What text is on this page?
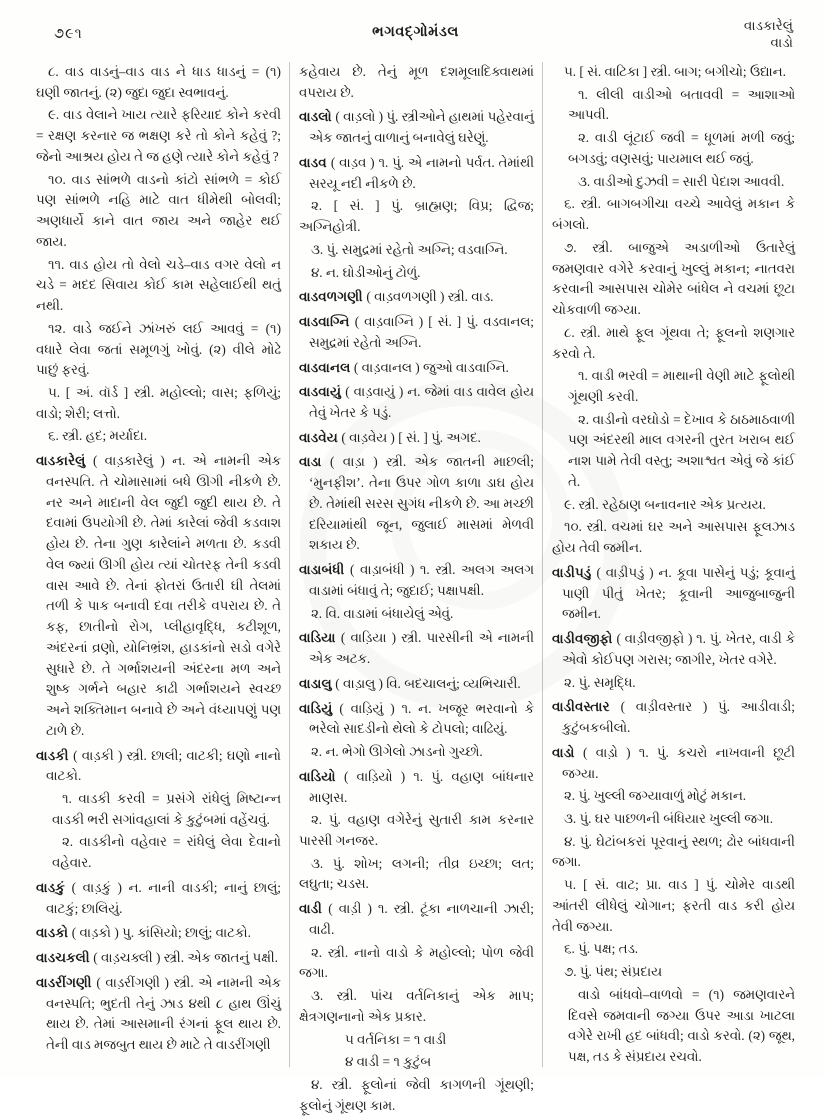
૭૯૧	ભગવદ્ગોમંડલ	વાડકારેલું
વાડો

૮. વાડ વાડનું–વાડ વાડ ને ધાડ ધાડનું = (૧) ઘણી જાતનું. (૨) જુદા જુદા સ્વભાવનું.

૯. વાડ વેલાને ખાય ત્યારે ફરિયાદ કોને કરવી = રક્ષણ કરનાર જ ભક્ષણ કરે તો કોને કહેવું ?; જેનો આશ્રય હોય તે જ હણે ત્યારે કોને કહેવું ?

૧૦. વાડ સાંભળે વાડનો કાંટો સાંભળે = કોઈ પણ સાંભળે નહિ માટે વાત ધીમેથી બોલવી; અણધાર્યે કાને વાત જાય અને જાહેર થઈ જાય.

૧૧. વાડ હોય તો વેલો ચડે–વાડ વગર વેલો ન ચડે = મદદ સિવાય કોઈ કામ સહેલાઈથી થતું નથી.

૧૨. વાડે જઈને ઝાંખરું લઈ આવવું = (૧) વધારે લેવા જતાં સમૂળગું ખોવું. (૨) વીલે મોઢે પાછું ફરવું.

૫. [ અં. વૉર્ડ ] સ્ત્રી. મહોલ્લો; વાસ; ફળિયું; વાડો; શેરી; લત્તો.

૬. સ્ત્રી. હદ; મર્યાદા.

વાડકારેલું ( વાડ઼કારેલું ) ન. એ નામની એક વનસ્પતિ. તે ચોમાસામાં બધે ઊગી નીકળે છે. નર અને માદાની વેલ જુદી જુદી થાય છે. તે દવામાં ઉપયોગી છે. તેમાં કારેલાં જેવી કડવાશ હોય છે. તેના ગુણ કારેલાંને મળતા છે. કડવી વેલ જ્યાં ઊગી હોય ત્યાં ચોતરફ તેની કડવી વાસ આવે છે. તેનાં ફોતરાં ઉતારી ઘી તેલમાં તળી કે પાક બનાવી દવા તરીકે વપરાય છે. તે કફ, છાતીનો રોગ, પ્લીહાવૃદ્ધિ, કટીશૂળ, અંદરનાં વ્રણો, યોનિભ્રંશ, હાડકાંનો સડો વગેરે સુધારે છે. તે ગર્ભાશયની અંદરના મળ અને શુષ્ક ગર્ભને બહાર કાઢી ગર્ભાશયને સ્વચ્છ અને શક્તિમાન બનાવે છે અને વંધ્યાપણું પણ ટાળે છે.

વાડકી ( વાડ઼કી ) સ્ત્રી. છાલી; વાટકી; ઘણો નાનો વાટકો.

૧. વાડકી કરવી = પ્રસંગે રાંધેલું મિષ્ટાન્ન વાડકી ભરી સગાંવહાલાં કે કુટુંબમાં વહેંચવું.

૨. વાડકીનો વહેવાર = રાંધેલું લેવા દેવાનો વહેવાર.

વાડકું ( વાડ઼કું ) ન. નાની વાડકી; નાનું છાલું; વાટકું; છાલિયું.

વાડકો ( વાડ઼કો ) પુ. કાંસિયો; છાલું; વાટકો.

વાડચકલી ( વાડ઼ચક્લી ) સ્ત્રી. એક જાતનું પક્ષી.

વાડરીંગણી ( વાડ઼રીંગણી ) સ્ત્રી. એ નામની એક વનસ્પતિ; ભુદતી તેનું ઝાડ ૪થી ૮ હાથ ઊંચું થાય છે. તેમાં આસમાની રંગનાં ફૂલ થાય છે. તેની વાડ મજબુત થાય છે માટે તે વાડરીંગણી

કહેવાય છે. તેનું મૂળ દશમૂલાદિક્વાથમાં વપરાય છે.

વાડલો ( વાડ઼લો ) પું. સ્ત્રીઓને હાથમાં પહેરવાનું એક જાતનું વાળાનું બનાવેલું ઘરેણું.

વાડવ ( વાડ઼વ ) ૧. પું. એ નામનો પર્વત. તેમાંથી સરયૂ નદી નીકળે છે.

૨. [ સં. ] પું. બ્રાહ્મણ; વિપ્ર; દ્વિજ; અગ્નિહોત્રી.

૩. પું. સમુદ્રમાં રહેતો અગ્નિ; વડવાગ્નિ.

૪. ન. ઘોડીઓનું ટોળું.

વાડવળગણી ( વાડ઼વળગણી ) સ્ત્રી. વાડ.

વાડવાગ્નિ ( વાડ઼વાગ્નિ ) [ સં. ] પું. વડવાનલ; સમુદ્રમાં રહેતો અગ્નિ.

વાડવાનલ ( વાડ઼વાનલ ) જુઓ વાડવાગ્નિ.

વાડવાયું ( વાડ઼વાયું ) ન. જેમાં વાડ વાવેલ હોય તેવું ખેતર કે પડું.

વાડવેય ( વાડ઼વેય ) [ સં. ] પું. અગદ.

વાડા ( વાડ઼ા ) સ્ત્રી. એક જાતની માછલી; ‘મુનફીશ’. તેના ઉપર ગોળ કાળા ડાઘ હોય છે. તેમાંથી સરસ સુગંધ નીકળે છે. આ મચ્છી દરિયામાંથી જૂન, જુલાઈ માસમાં મેળવી શકાય છે.

વાડાબંધી ( વાડ઼ાબંધી ) ૧. સ્ત્રી. અલગ અલગ વાડામાં બંધાવું તે; જુદાઈ; પક્ષાપક્ષી.

૨. વિ. વાડામાં બંધાયેલું એવું.

વાડિયા ( વાડ઼િયા ) સ્ત્રી. પારસીની એ નામની એક અટક.

વાડાલુ ( વાડ઼ાલુ ) વિ. બદચાલનું; વ્યભિચારી.

વાડિયું ( વાડ઼િયું ) ૧. ન. ખજૂર ભરવાનો કે ભરેલો સાદડીનો થેલો કે ટોપલો; વાઢિયું.

૨. ન. ભેગો ઊગેલો ઝાડનો ગુચ્છો.

વાડિયો ( વાડ઼િયો ) ૧. પું. વહાણ બાંધનાર માણસ.

૨. પું. વહાણ વગેરેનું સુતારી કામ કરનાર પારસી ગનજર.

૩. પું. શોખ; લગની; તીવ્ર ઇચ્છા; લત; લઘુતા; ચડસ.

વાડી ( વાડ઼ી ) ૧. સ્ત્રી. ટૂંકા નાળચાની ઝારી; વાઢી.

૨. સ્ત્રી. નાનો વાડો કે મહોલ્લો; પોળ જેવી જગા.

૩. સ્ત્રી. પાંચ વર્તનિકાનું એક માપ; ક્ષેત્રગણનાનો એક પ્રકાર.

૫ વર્તનિકા = ૧ વાડી

૪ વાડી = ૧ કુટુંબ

૪. સ્ત્રી. ફૂલોનાં જેવી કાગળની ગૂંથણી; ફૂલોનું ગૂંથણ કામ.

૫. [ સં. વાટિકા ] સ્ત્રી. બાગ; બગીચો; ઉદ્યાન.

૧. લીલી વાડીઓ બતાવવી = આશાઓ આપવી.

૨. વાડી લૂંટાઈ જવી = ધૂળમાં મળી જવું; બગડવું; વણસવું; પાયમાલ થઈ જવું.

૩. વાડીઓ દુઝવી = સારી પેદાશ આવવી.

૬. સ્ત્રી. બાગબગીચા વચ્ચે આવેલું મકાન કે બંગલો.

૭. સ્ત્રી. બાજુએ અડાળીઓ ઉતારેલું જમણવાર વગેરે કરવાનું ખુલ્લું મકાન; નાતવરા કરવાની આસપાસ ચોમેર બાંધેલ ને વચમાં છૂટા ચોકવાળી જગ્યા.

૮. સ્ત્રી. માથે ફૂલ ગૂંથવા તે; ફૂલનો શણગાર કરવો તે.

૧. વાડી ભરવી = માથાની વેણી માટે ફૂલોથી ગૂંથણી કરવી.

૨. વાડીનો વરઘોડો = દેખાવ કે ઠાઠમાઠવાળી પણ અંદરથી માલ વગરની તુરત ખરાબ થઈ નાશ પામે તેવી વસ્તુ; અશાશ્વત એવું જે કાંઈ તે.

૯. સ્ત્રી. રહેઠાણ બનાવનાર એક પ્રત્યય.

૧૦. સ્ત્રી. વચમાં ઘર અને આસપાસ ફૂલઝાડ હોય તેવી જમીન.

વાડીપડું ( વાડ઼ીપડું ) ન. કૂવા પાસેનું પડું; કૂવાનું પાણી પીતું ખેતર; કૂવાની આજુબાજુની જમીન.

વાડીવજીફો ( વાડ઼ીવજીફો ) ૧. પું. ખેતર, વાડી કે એવો કોઈપણ ગરાસ; જાગીર, ખેતર વગેરે.

૨. પું. સમૃદ્ધિ.

વાડીવસ્તાર ( વાડ઼ીવસ્તાર ) પું. આડીવાડી; કુટુંબકબીલો.

વાડો ( વાડ઼ો ) ૧. પું. કચરો નાખવાની છૂટી જગ્યા.

૨. પું. ખુલ્લી જગ્યાવાળું મોટું મકાન.

૩. પું. ઘર પાછળની બંધિયાર ખુલ્લી જગા.

૪. પું. ઘેટાંબકરાં પૂરવાનું સ્થળ; ઢોર બાંધવાની જગા.

૫. [ સં. વાટ; પ્રા. વાડ ] પું. ચોમેર વાડથી આંતરી લીધેલું ચોગાન; ફરતી વાડ કરી હોય તેવી જગ્યા.

૬. પું. પક્ષ; તડ.

૭. પું. પંથ; સંપ્રદાય

વાડો બાંધવો–વાળવો = (૧) જમણવારને દિવસે જમવાની જગ્યા ઉપર આડા ખાટલા વગેરે રાખી હદ બાંધવી; વાડો કરવો. (૨) જૂથ, પક્ષ, તડ કે સંપ્રદાય રચવો.
